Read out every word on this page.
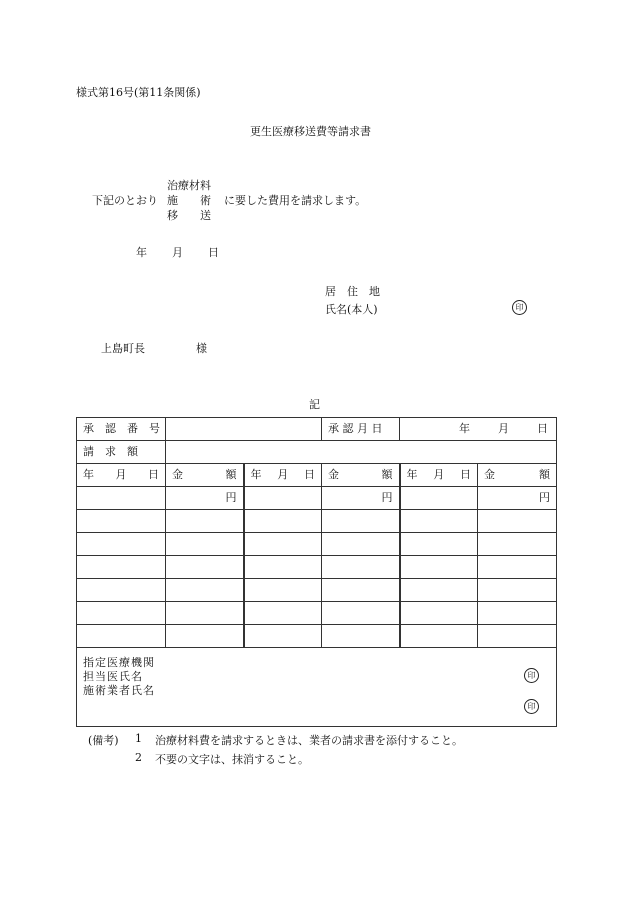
様式第16号(第11条関係)
更生医療移送費等請求書
下記のとおり
治療材料
施　　術
移　　送
に要した費用を請求します。
年 月 日
居　住　地
氏名(本人)	印
上島町長	様
記
承　認　番　号			承 認 月 日	年 月 日	
請　求　額					
年 月 日	金 額	年 月 日	金 額	年 月 日	金 額

	円		円		円

指定医療機関
担当医氏名
施術業者氏名
印
印					
(備考) 1 治療材料費を請求するときは、業者の請求書を添付すること。
2 不要の文字は、抹消すること。
